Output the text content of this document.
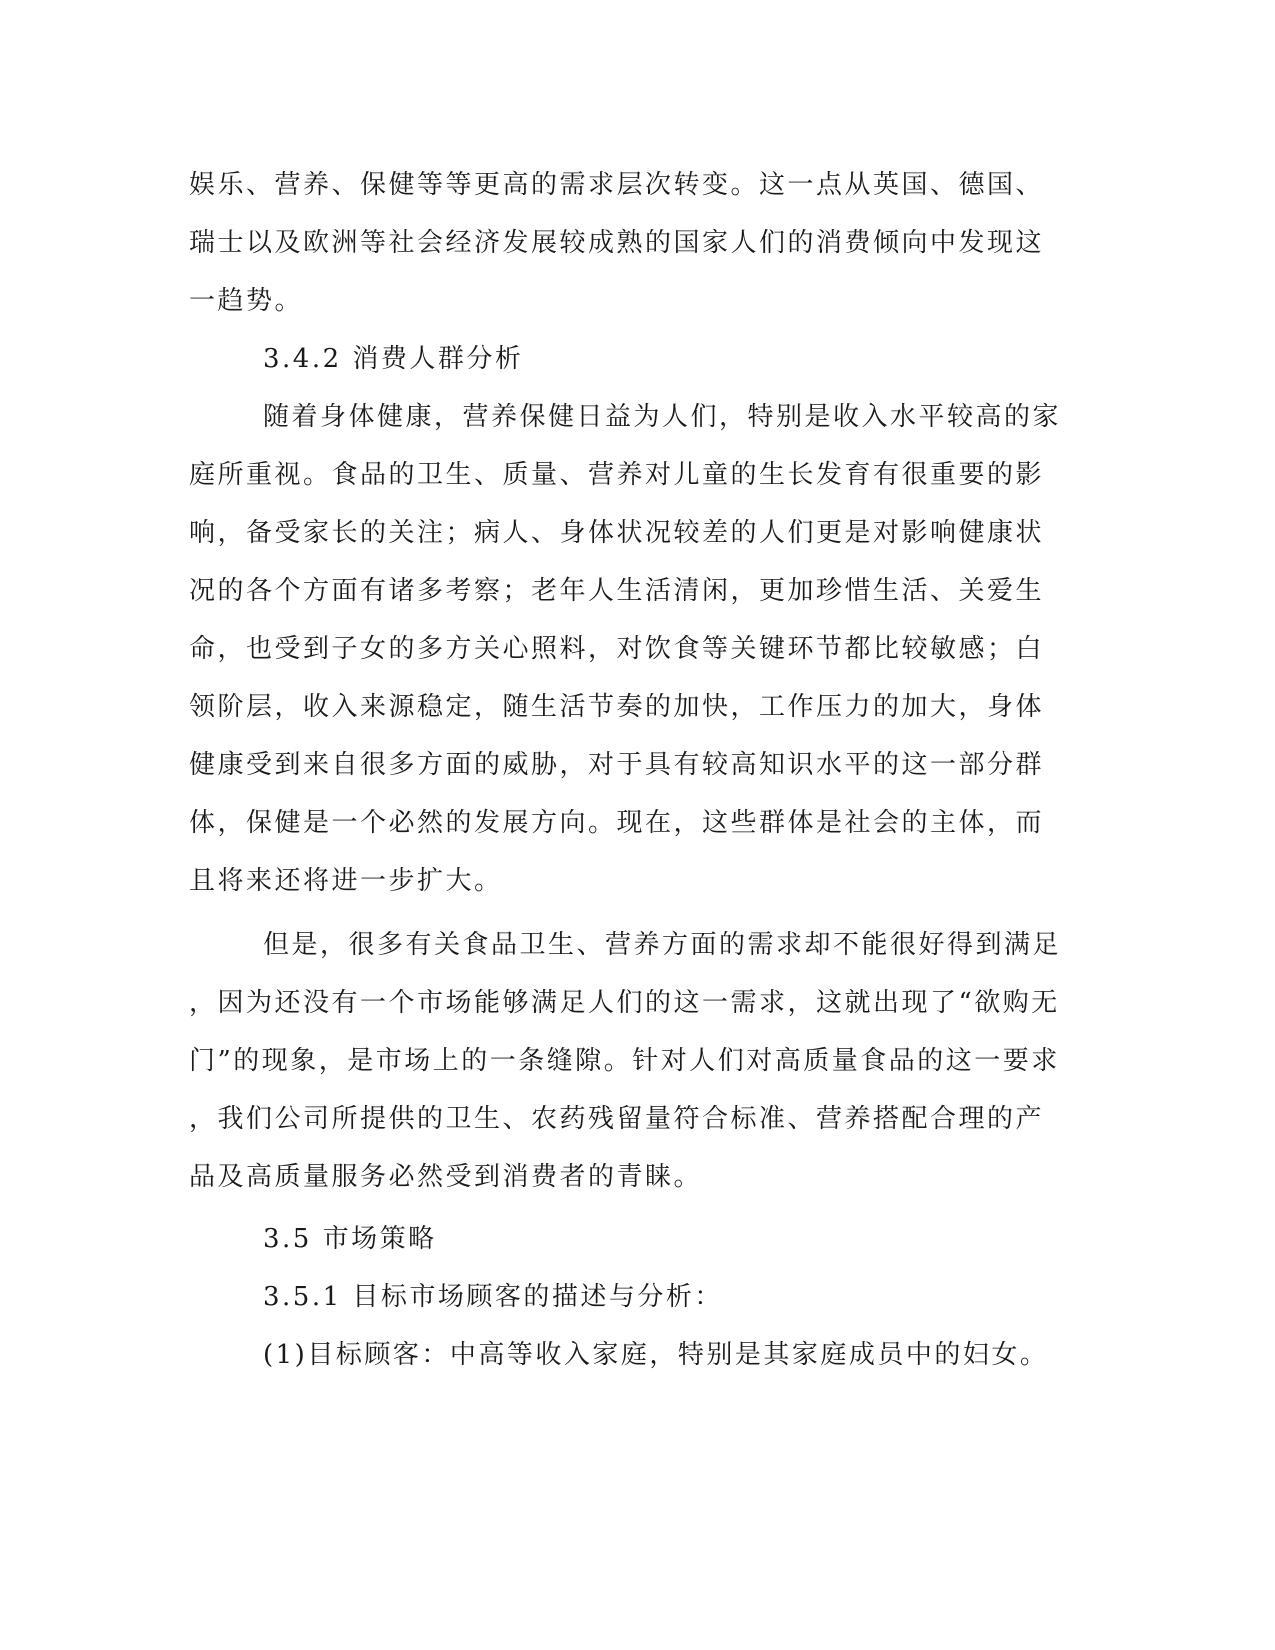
娱乐、营养、保健等等更高的需求层次转变。这一点从英国、德国、
瑞士以及欧洲等社会经济发展较成熟的国家人们的消费倾向中发现这
一趋势。
3.4.2 消费人群分析
随着身体健康，营养保健日益为人们，特别是收入水平较高的家
庭所重视。食品的卫生、质量、营养对儿童的生长发育有很重要的影
响，备受家长的关注；病人、身体状况较差的人们更是对影响健康状
况的各个方面有诸多考察；老年人生活清闲，更加珍惜生活、关爱生
命，也受到子女的多方关心照料，对饮食等关键环节都比较敏感；白
领阶层，收入来源稳定，随生活节奏的加快，工作压力的加大，身体
健康受到来自很多方面的威胁，对于具有较高知识水平的这一部分群
体，保健是一个必然的发展方向。现在，这些群体是社会的主体，而
且将来还将进一步扩大。
但是，很多有关食品卫生、营养方面的需求却不能很好得到满足
，因为还没有一个市场能够满足人们的这一需求，这就出现了“欲购无
门”的现象，是市场上的一条缝隙。针对人们对高质量食品的这一要求
，我们公司所提供的卫生、农药残留量符合标准、营养搭配合理的产
品及高质量服务必然受到消费者的青睐。
3.5 市场策略
3.5.1 目标市场顾客的描述与分析：
(1)目标顾客：中高等收入家庭，特别是其家庭成员中的妇女。
